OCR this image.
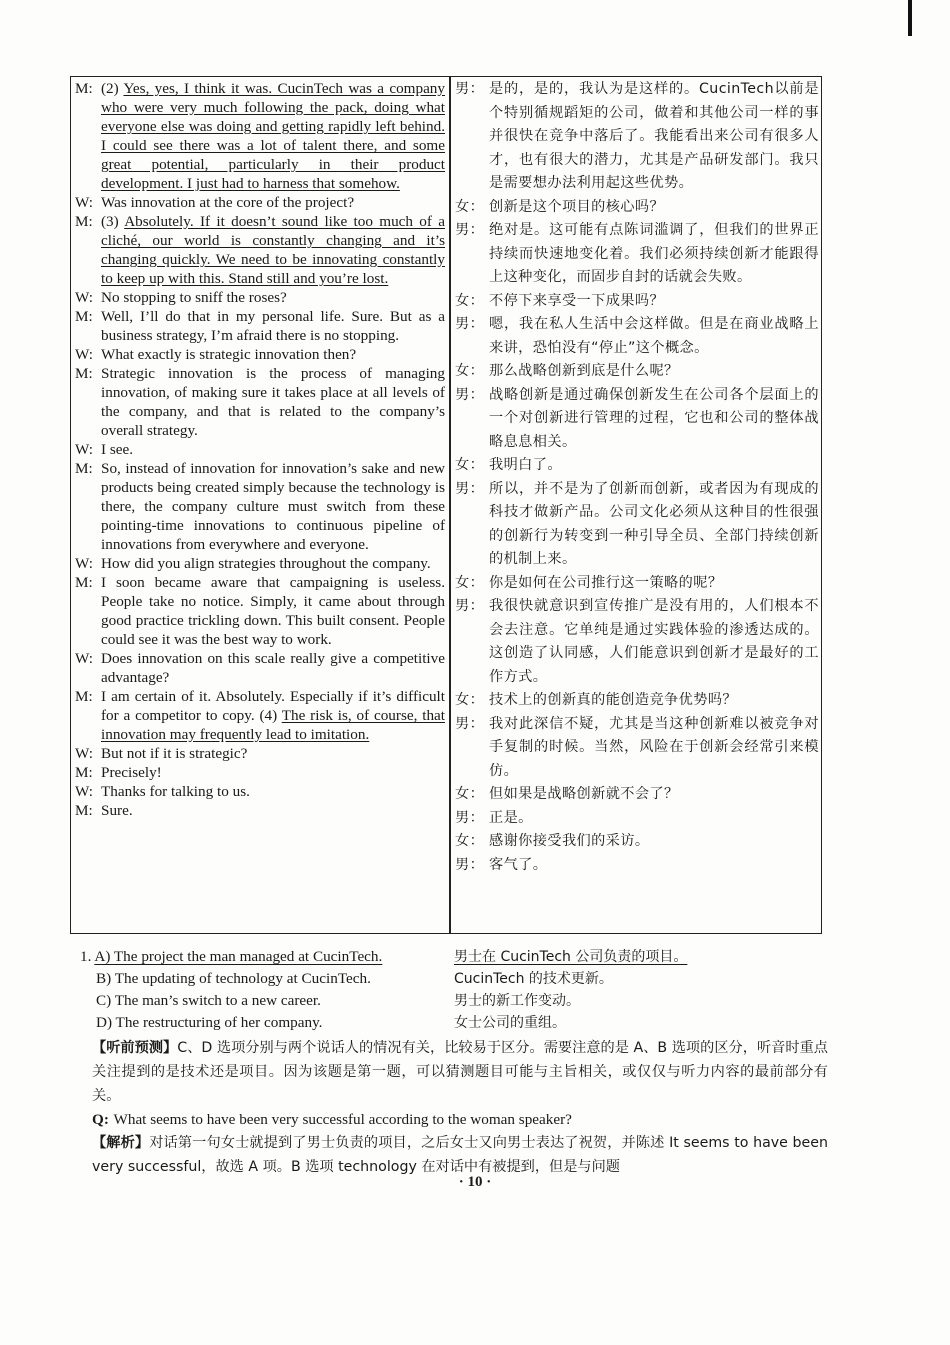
M: (2) Yes, yes, I think it was. CucinTech was a company who were very much following the pack, doing what everyone else was doing and getting rapidly left behind. I could see there was a lot of talent there, and some great potential, particularly in their product development. I just had to harness that somehow.
W: Was innovation at the core of the project?
M: (3) Absolutely. If it doesn’t sound like too much of a cliché, our world is constantly changing and it’s changing quickly. We need to be innovating constantly to keep up with this. Stand still and you’re lost.
W: No stopping to sniff the roses?
M: Well, I’ll do that in my personal life. Sure. But as a business strategy, I’m afraid there is no stopping.
W: What exactly is strategic innovation then?
M: Strategic innovation is the process of managing innovation, of making sure it takes place at all levels of the company, and that is related to the company’s overall strategy.
W: I see.
M: So, instead of innovation for innovation’s sake and new products being created simply because the technology is there, the company culture must switch from these pointing-time innovations to continuous pipeline of innovations from everywhere and everyone.
W: How did you align strategies throughout the company.
M: I soon became aware that campaigning is useless. People take no notice. Simply, it came about through good practice trickling down. This built consent. People could see it was the best way to work.
W: Does innovation on this scale really give a competitive advantage?
M: I am certain of it. Absolutely. Especially if it’s difficult for a competitor to copy. (4) The risk is, of course, that innovation may frequently lead to imitation.
W: But not if it is strategic?
M: Precisely!
W: Thanks for talking to us.
M: Sure.
男： 是的，是的，我认为是这样的。CucinTech以前是个特别循规蹈矩的公司，做着和其他公司一样的事并很快在竞争中落后了。我能看出来公司有很多人才，也有很大的潜力，尤其是产品研发部门。我只是需要想办法利用起这些优势。
女： 创新是这个项目的核心吗？
男： 绝对是。这可能有点陈词滥调了，但我们的世界正持续而快速地变化着。我们必须持续创新才能跟得上这种变化，而固步自封的话就会失败。
女： 不停下来享受一下成果吗？
男： 嗯，我在私人生活中会这样做。但是在商业战略上来讲，恐怕没有“停止”这个概念。
女： 那么战略创新到底是什么呢？
男： 战略创新是通过确保创新发生在公司各个层面上的一个对创新进行管理的过程，它也和公司的整体战略息息相关。
女： 我明白了。
男： 所以，并不是为了创新而创新，或者因为有现成的科技才做新产品。公司文化必须从这种目的性很强的创新行为转变到一种引导全员、全部门持续创新的机制上来。
女： 你是如何在公司推行这一策略的呢？
男： 我很快就意识到宣传推广是没有用的，人们根本不会去注意。它单纯是通过实践体验的渗透达成的。这创造了认同感，人们能意识到创新才是最好的工作方式。
女： 技术上的创新真的能创造竞争优势吗？
男： 我对此深信不疑，尤其是当这种创新难以被竞争对手复制的时候。当然，风险在于创新会经常引来模仿。
女： 但如果是战略创新就不会了？
男： 正是。
女： 感谢你接受我们的采访。
男： 客气了。
1. A) The project the man managed at CucinTech.	男士在 CucinTech 公司负责的项目。
B) The updating of technology at CucinTech.	CucinTech 的技术更新。
C) The man’s switch to a new career.	男士的新工作变动。
D) The restructuring of her company.	女士公司的重组。

【听前预测】C、D 选项分别与两个说话人的情况有关，比较易于区分。需要注意的是 A、B 选项的区分，听音时重点关注提到的是技术还是项目。因为该题是第一题，可以猜测题目可能与主旨相关，或仅仅与听力内容的最前部分有关。

Q: What seems to have been very successful according to the woman speaker?

【解析】对话第一句女士就提到了男士负责的项目，之后女士又向男士表达了祝贺，并陈述 It seems to have been very successful，故选 A 项。B 选项 technology 在对话中有被提到，但是与问题

· 10 ·
